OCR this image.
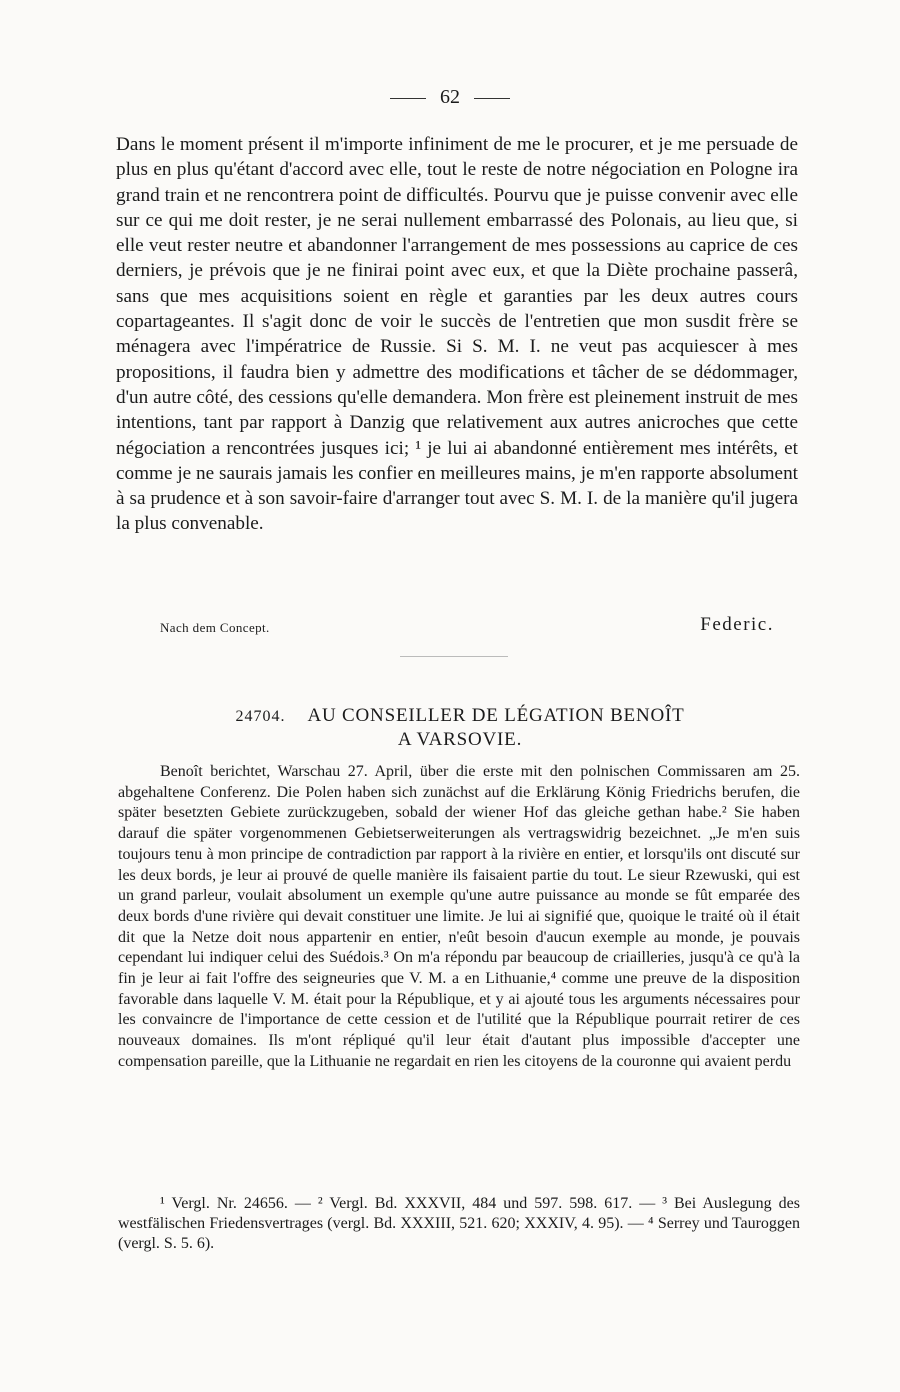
62

Dans le moment présent il m'importe infiniment de me le procurer, et je me persuade de plus en plus qu'étant d'accord avec elle, tout le reste de notre négociation en Pologne ira grand train et ne rencontrera point de difficultés. Pourvu que je puisse convenir avec elle sur ce qui me doit rester, je ne serai nullement embarrassé des Polonais, au lieu que, si elle veut rester neutre et abandonner l'arrangement de mes possessions au caprice de ces derniers, je prévois que je ne finirai point avec eux, et que la Diète prochaine passerâ, sans que mes acquisitions soient en règle et garanties par les deux autres cours copartageantes. Il s'agit donc de voir le succès de l'entretien que mon susdit frère se ménagera avec l'impératrice de Russie. Si S. M. I. ne veut pas acquiescer à mes propositions, il faudra bien y admettre des modifications et tâcher de se dédommager, d'un autre côté, des cessions qu'elle demandera. Mon frère est pleinement instruit de mes intentions, tant par rapport à Danzig que relativement aux autres anicroches que cette négociation a rencontrées jusques ici; ¹ je lui ai abandonné entièrement mes intérêts, et comme je ne saurais jamais les confier en meilleures mains, je m'en rapporte absolument à sa prudence et à son savoir-faire d'arranger tout avec S. M. I. de la manière qu'il jugera la plus convenable.

Nach dem Concept.	Federic.
24704. AU CONSEILLER DE LÉGATION BENOÎT
A VARSOVIE.

Benoît berichtet, Warschau 27. April, über die erste mit den polnischen Commissaren am 25. abgehaltene Conferenz. Die Polen haben sich zunächst auf die Erklärung König Friedrichs berufen, die später besetzten Gebiete zurückzugeben, sobald der wiener Hof das gleiche gethan habe.² Sie haben darauf die später vorgenommenen Gebietserweiterungen als vertragswidrig bezeichnet. „Je m'en suis toujours tenu à mon principe de contradiction par rapport à la rivière en entier, et lorsqu'ils ont discuté sur les deux bords, je leur ai prouvé de quelle manière ils faisaient partie du tout. Le sieur Rzewuski, qui est un grand parleur, voulait absolument un exemple qu'une autre puissance au monde se fût emparée des deux bords d'une rivière qui devait constituer une limite. Je lui ai signifié que, quoique le traité où il était dit que la Netze doit nous appartenir en entier, n'eût besoin d'aucun exemple au monde, je pouvais cependant lui indiquer celui des Suédois.³ On m'a répondu par beaucoup de criailleries, jusqu'à ce qu'à la fin je leur ai fait l'offre des seigneuries que V. M. a en Lithuanie,⁴ comme une preuve de la disposition favorable dans laquelle V. M. était pour la République, et y ai ajouté tous les arguments nécessaires pour les convaincre de l'importance de cette cession et de l'utilité que la République pourrait retirer de ces nouveaux domaines. Ils m'ont répliqué qu'il leur était d'autant plus impossible d'accepter une compensation pareille, que la Lithuanie ne regardait en rien les citoyens de la couronne qui avaient perdu

¹ Vergl. Nr. 24656. — ² Vergl. Bd. XXXVII, 484 und 597. 598. 617. — ³ Bei Auslegung des westfälischen Friedensvertrages (vergl. Bd. XXXIII, 521. 620; XXXIV, 4. 95). — ⁴ Serrey und Tauroggen (vergl. S. 5. 6).
